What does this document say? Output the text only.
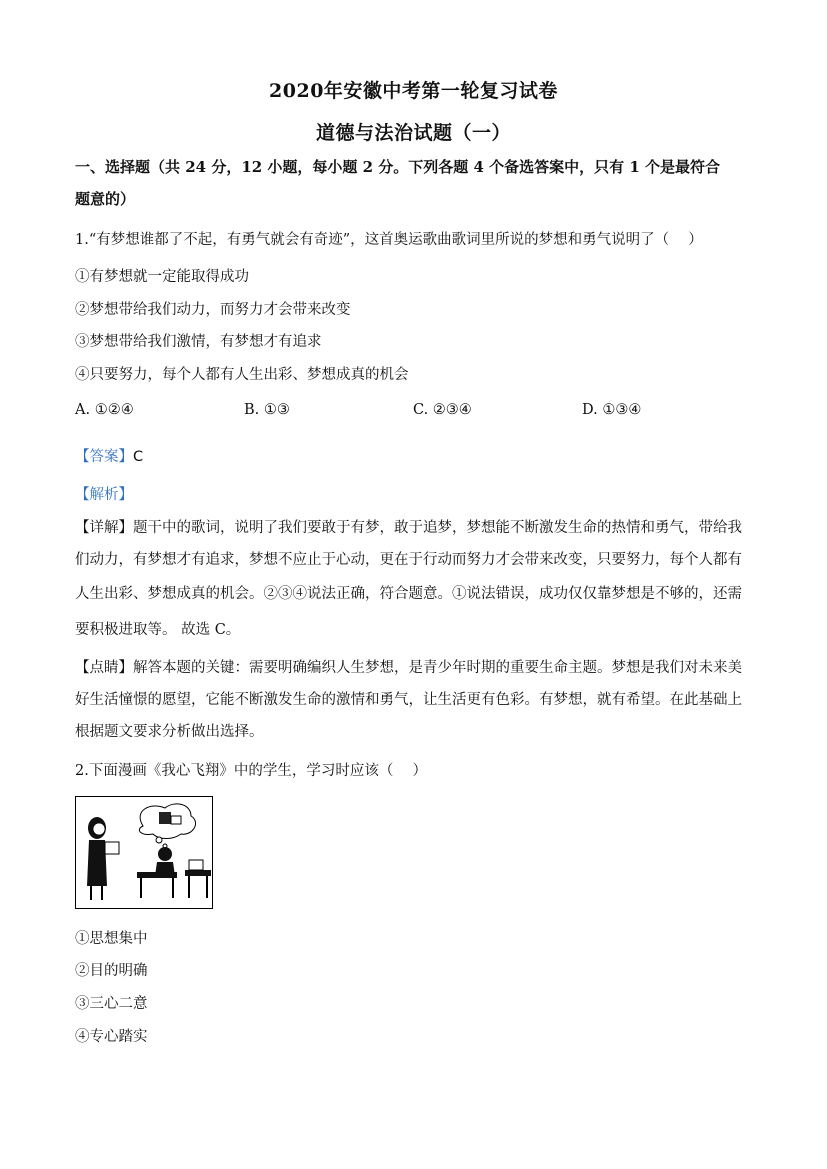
2020年安徽中考第一轮复习试卷
道德与法治试题（一）
一、选择题（共 24 分，12 小题，每小题 2 分。下列各题 4 个备选答案中，只有 1 个是最符合
题意的）
1.“有梦想谁都了不起，有勇气就会有奇迹”，这首奥运歌曲歌词里所说的梦想和勇气说明了（　 ）
①有梦想就一定能取得成功
②梦想带给我们动力，而努力才会带来改变
③梦想带给我们激情，有梦想才有追求
④只要努力，每个人都有人生出彩、梦想成真的机会
A. ①②④	B. ①③	C. ②③④	D. ①③④
【答案】C
【解析】
【详解】题干中的歌词，说明了我们要敢于有梦，敢于追梦，梦想能不断激发生命的热情和勇气，带给我
们动力，有梦想才有追求，梦想不应止于心动，更在于行动而努力才会带来改变，只要努力，每个人都有
人生出彩、梦想成真的机会。②③④说法正确，符合题意。①说法错误，成功仅仅靠梦想是不够的，还需
要积极进取等。 故选 C。
【点睛】解答本题的关键：需要明确编织人生梦想，是青少年时期的重要生命主题。梦想是我们对未来美
好生活憧憬的愿望，它能不断激发生命的激情和勇气，让生活更有色彩。有梦想，就有希望。在此基础上
根据题文要求分析做出选择。
2.下面漫画《我心飞翔》中的学生，学习时应该（　 ）
①思想集中
②目的明确
③三心二意
④专心踏实
